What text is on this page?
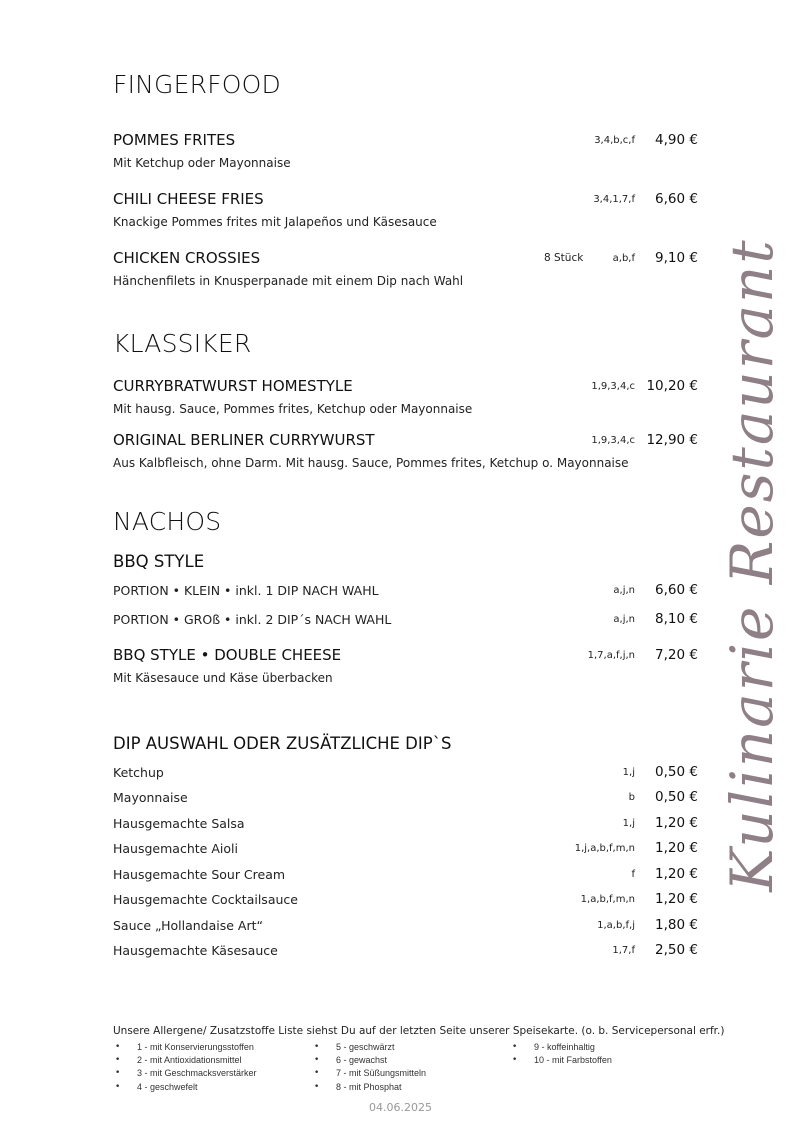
Kulinarie Restaurant
FINGERFOOD
POMMES FRITES	3,4,b,c,f	4,90 €
Mit Ketchup oder Mayonnaise
CHILI CHEESE FRIES	3,4,1,7,f	6,60 €
Knackige Pommes frites mit Jalapeños und Käsesauce
CHICKEN CROSSIES	8 Stück	a,b,f	9,10 €
Hänchenfilets in Knusperpanade mit einem Dip nach Wahl
KLASSIKER
CURRYBRATWURST HOMESTYLE	1,9,3,4,c 10,20 €
Mit hausg. Sauce, Pommes frites, Ketchup oder Mayonnaise
ORIGINAL BERLINER CURRYWURST	1,9,3,4,c 12,90 €
Aus Kalbfleisch, ohne Darm. Mit hausg. Sauce, Pommes frites, Ketchup o. Mayonnaise
NACHOS
BBQ STYLE
PORTION • KLEIN • inkl. 1 DIP NACH WAHL	a,j,n	6,60 €
PORTION • GROß • inkl. 2 DIP´s NACH WAHL	a,j,n	8,10 €
BBQ STYLE • DOUBLE CHEESE	1,7,a,f,j,n	7,20 €
Mit Käsesauce und Käse überbacken
DIP AUSWAHL ODER ZUSÄTZLICHE DIP`S
Ketchup	1,j	0,50 €
Mayonnaise	b	0,50 €
Hausgemachte Salsa	1,j	1,20 €
Hausgemachte Aioli	1,j,a,b,f,m,n	1,20 €
Hausgemachte Sour Cream	f	1,20 €
Hausgemachte Cocktailsauce	1,a,b,f,m,n	1,20 €
Sauce „Hollandaise Art“	1,a,b,f,j	1,80 €
Hausgemachte Käsesauce	1,7,f	2,50 €
Unsere Allergene/ Zusatzstoffe Liste siehst Du auf der letzten Seite unserer Speisekarte. (o. b. Servicepersonal erfr.)
• 1 - mit Konservierungsstoffen
• 2 - mit Antioxidationsmittel
• 3 - mit Geschmacksverstärker
• 4 - geschwefelt
• 5 - geschwärzt
• 6 - gewachst
• 7 - mit Süßungsmitteln
• 8 - mit Phosphat
• 9 - koffeinhaltig
• 10 - mit Farbstoffen
04.06.2025
